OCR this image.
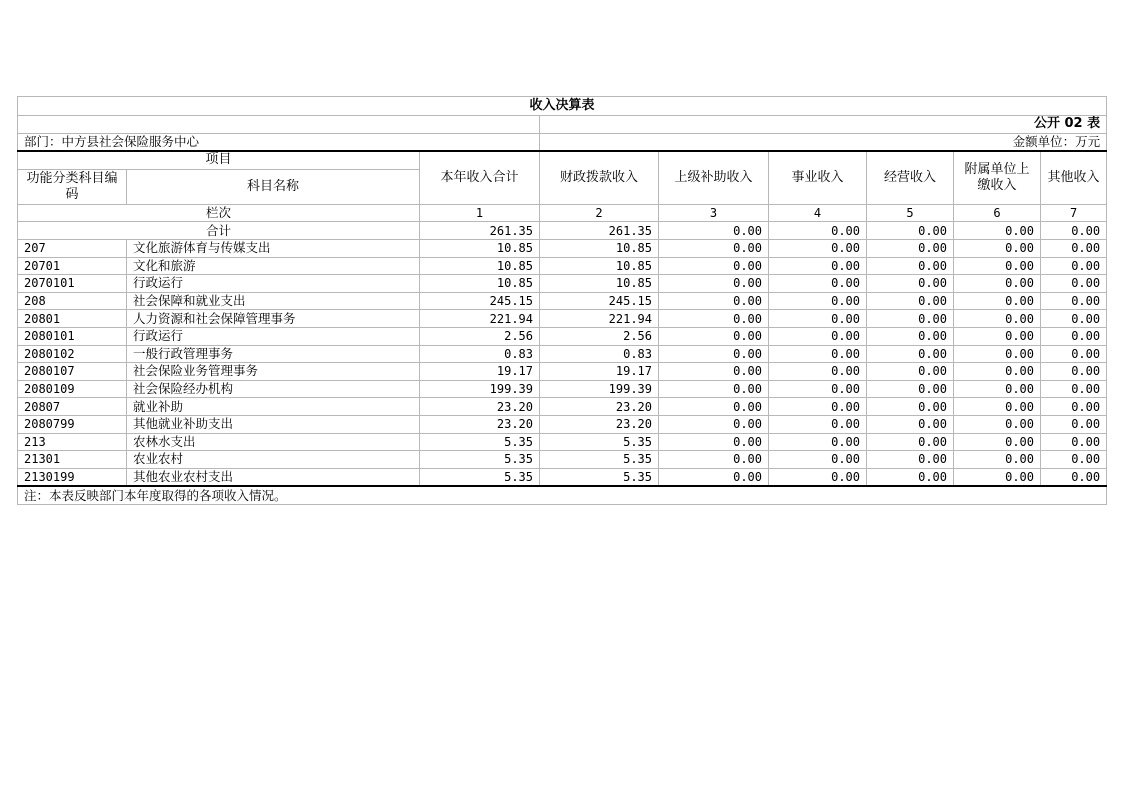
收入决算表								
			公开 02 表					
部门：中方县社会保险服务中心			金额单位：万元					
项目		本年收入合计	财政拨款收入	上级补助收入	事业收入	经营收入	附属单位上缴收入	其他收入
功能分类科目编码	科目名称							
栏次		1	2	3	4	5	6	7
合计		261.35	261.35	0.00	0.00	0.00	0.00	0.00
207	文化旅游体育与传媒支出	10.85	10.85	0.00	0.00	0.00	0.00	0.00
20701	文化和旅游	10.85	10.85	0.00	0.00	0.00	0.00	0.00
2070101	行政运行	10.85	10.85	0.00	0.00	0.00	0.00	0.00
208	社会保障和就业支出	245.15	245.15	0.00	0.00	0.00	0.00	0.00
20801	人力资源和社会保障管理事务	221.94	221.94	0.00	0.00	0.00	0.00	0.00
2080101	行政运行	2.56	2.56	0.00	0.00	0.00	0.00	0.00
2080102	一般行政管理事务	0.83	0.83	0.00	0.00	0.00	0.00	0.00
2080107	社会保险业务管理事务	19.17	19.17	0.00	0.00	0.00	0.00	0.00
2080109	社会保险经办机构	199.39	199.39	0.00	0.00	0.00	0.00	0.00
20807	就业补助	23.20	23.20	0.00	0.00	0.00	0.00	0.00
2080799	其他就业补助支出	23.20	23.20	0.00	0.00	0.00	0.00	0.00
213	农林水支出	5.35	5.35	0.00	0.00	0.00	0.00	0.00
21301	农业农村	5.35	5.35	0.00	0.00	0.00	0.00	0.00
2130199	其他农业农村支出	5.35	5.35	0.00	0.00	0.00	0.00	0.00
注：本表反映部门本年度取得的各项收入情况。								
